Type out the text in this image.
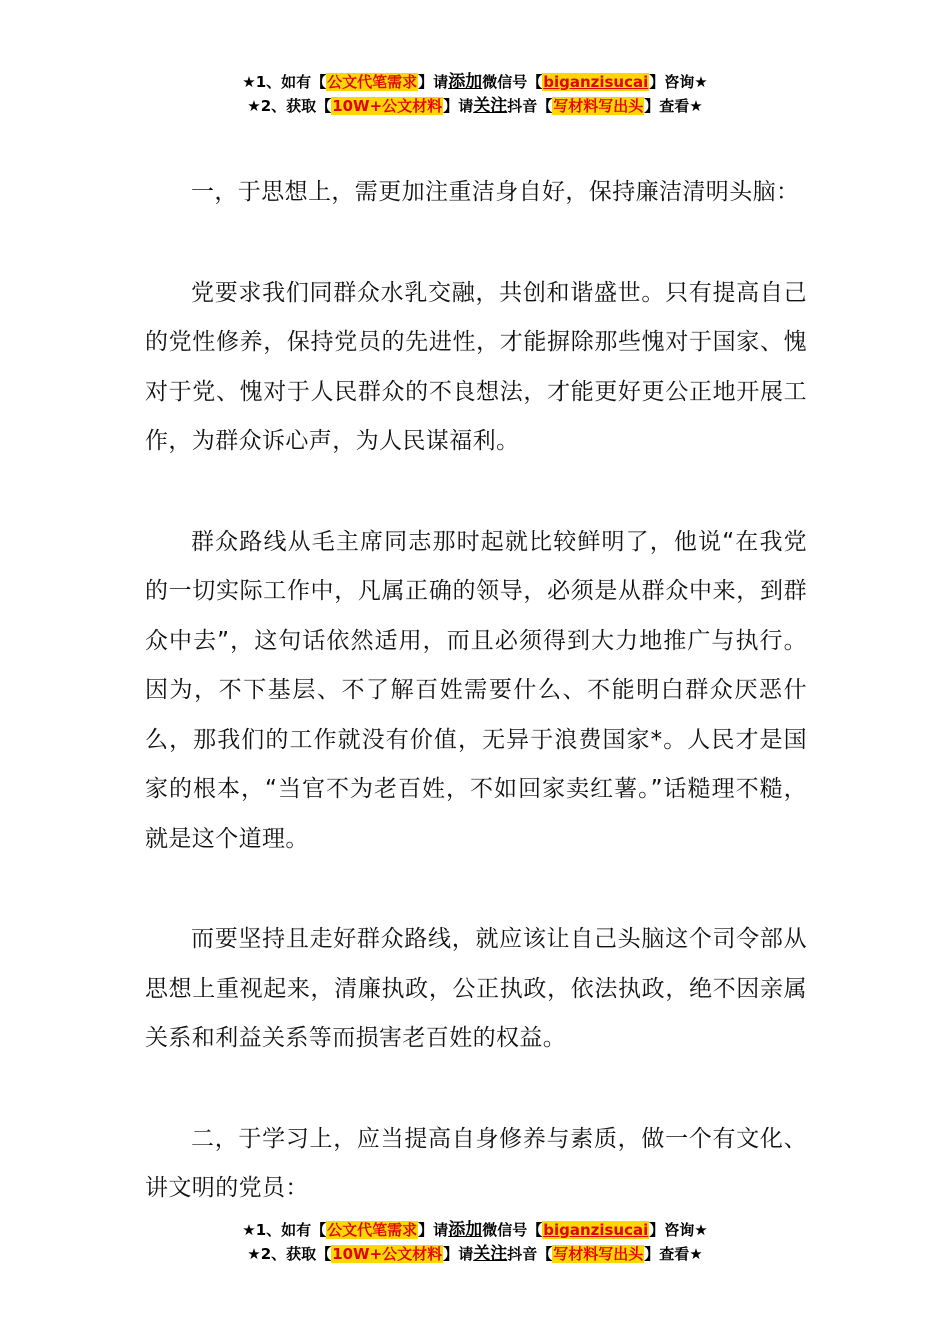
★1、如有【公文代笔需求】请添加微信号【biganzisucai】咨询★
★2、获取【10W+公文材料】请关注抖音【写材料写出头】查看★

一，于思想上，需更加注重洁身自好，保持廉洁清明头脑：

党要求我们同群众水乳交融，共创和谐盛世。只有提高自己的党性修养，保持党员的先进性，才能摒除那些愧对于国家、愧对于党、愧对于人民群众的不良想法，才能更好更公正地开展工作，为群众诉心声，为人民谋福利。

群众路线从毛主席同志那时起就比较鲜明了，他说“在我党的一切实际工作中，凡属正确的领导，必须是从群众中来，到群众中去”，这句话依然适用，而且必须得到大力地推广与执行。因为，不下基层、不了解百姓需要什么、不能明白群众厌恶什么，那我们的工作就没有价值，无异于浪费国家*。人民才是国家的根本，“当官不为老百姓，不如回家卖红薯。”话糙理不糙，就是这个道理。

而要坚持且走好群众路线，就应该让自己头脑这个司令部从思想上重视起来，清廉执政，公正执政，依法执政，绝不因亲属关系和利益关系等而损害老百姓的权益。

二，于学习上，应当提高自身修养与素质，做一个有文化、讲文明的党员：

★1、如有【公文代笔需求】请添加微信号【biganzisucai】咨询★
★2、获取【10W+公文材料】请关注抖音【写材料写出头】查看★
